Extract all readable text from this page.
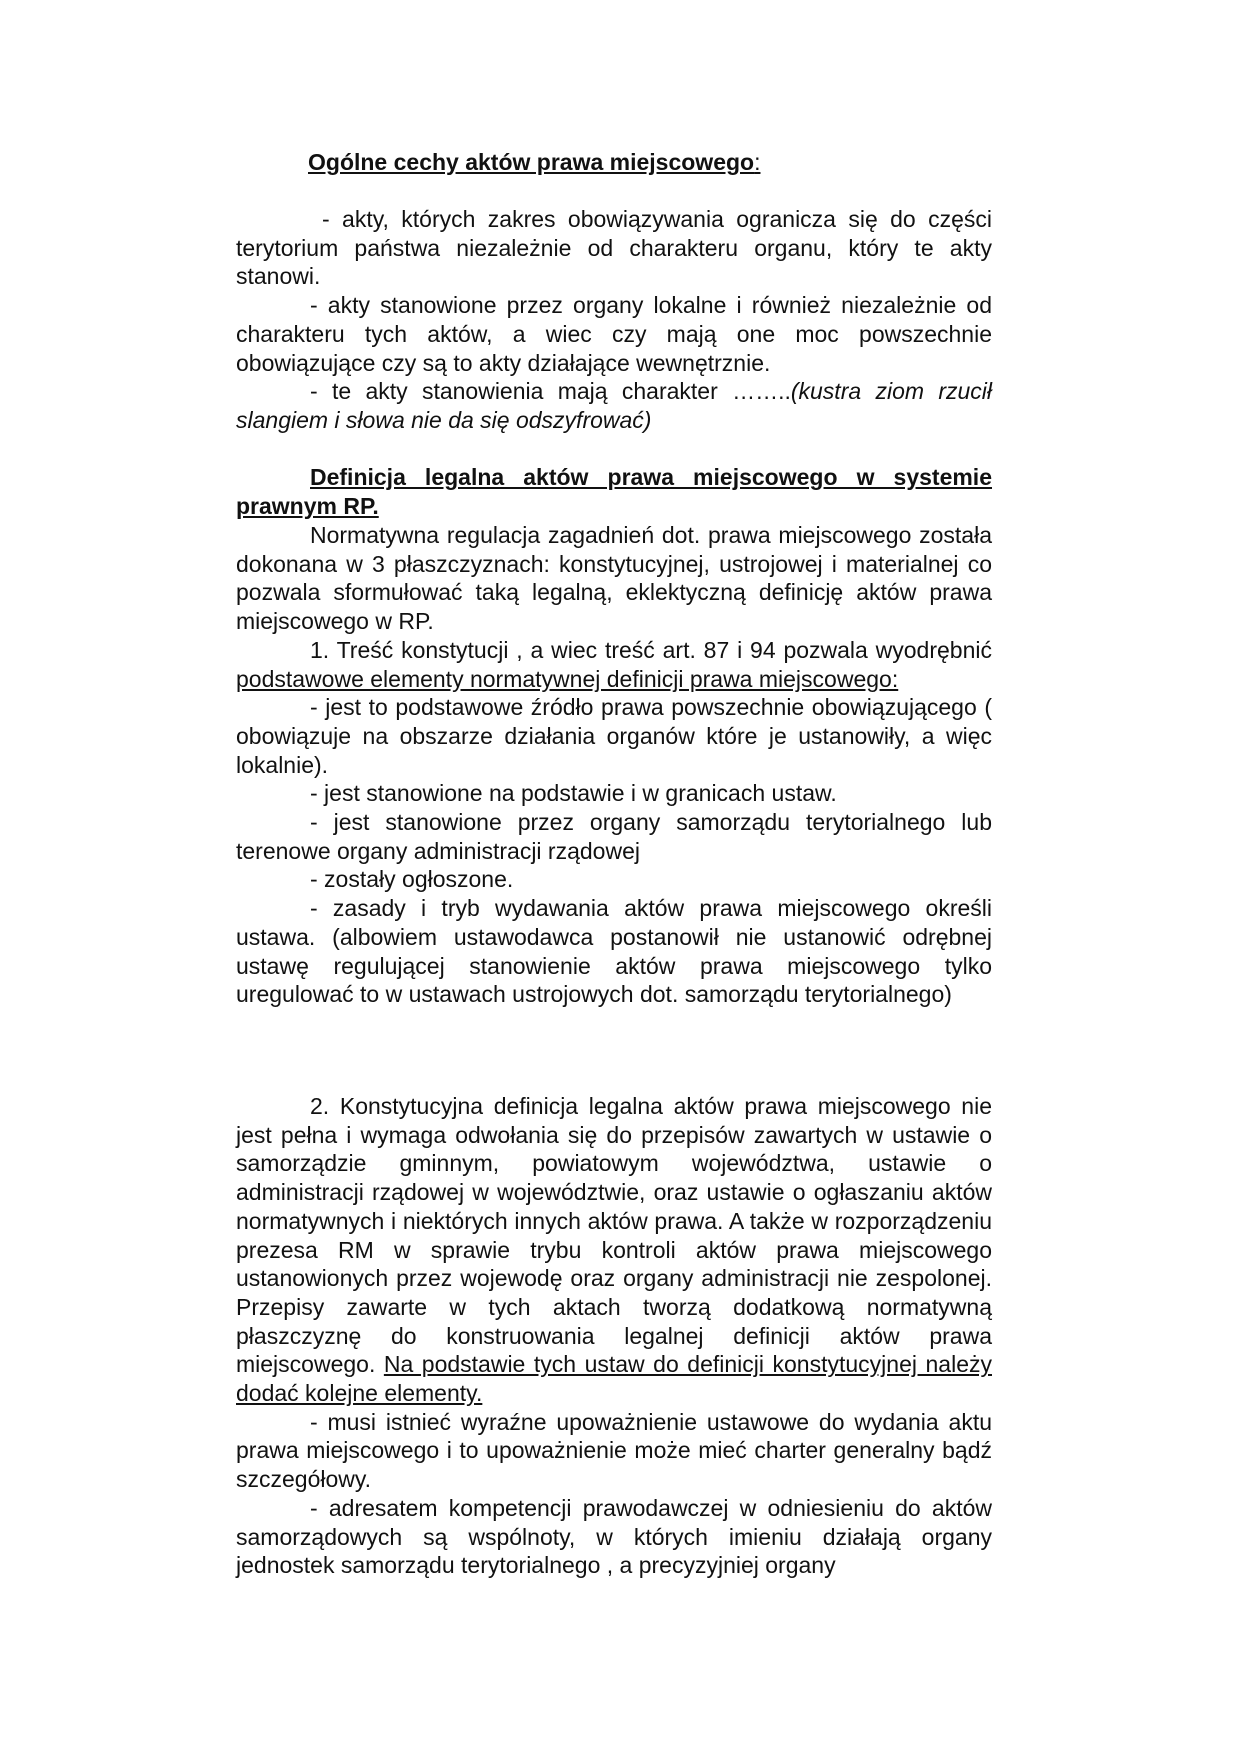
Ogólne cechy aktów prawa miejscowego:

- akty, których zakres obowiązywania ogranicza się do części terytorium państwa niezależnie od charakteru organu, który te akty stanowi.

- akty stanowione przez organy lokalne i również niezależnie od charakteru tych aktów, a wiec czy mają one moc powszechnie obowiązujące czy są to akty działające wewnętrznie.

- te akty stanowienia mają charakter ……..(kustra ziom rzucił slangiem i słowa nie da się odszyfrować)

Definicja legalna aktów prawa miejscowego w systemie
prawnym RP.

Normatywna regulacja zagadnień dot. prawa miejscowego została dokonana w 3 płaszczyznach: konstytucyjnej, ustrojowej i materialnej co pozwala sformułować taką legalną, eklektyczną definicję aktów prawa miejscowego w RP.

1. Treść konstytucji , a wiec treść art. 87 i 94 pozwala wyodrębnić podstawowe elementy normatywnej definicji prawa miejscowego:

- jest to podstawowe źródło prawa powszechnie obowiązującego ( obowiązuje na obszarze działania organów które je ustanowiły, a więc lokalnie).

- jest stanowione na podstawie i w granicach ustaw.

- jest stanowione przez organy samorządu terytorialnego lub terenowe organy administracji rządowej

- zostały ogłoszone.

- zasady i tryb wydawania aktów prawa miejscowego określi ustawa. (albowiem ustawodawca postanowił nie ustanowić odrębnej ustawę regulującej stanowienie aktów prawa miejscowego tylko uregulować to w ustawach ustrojowych dot. samorządu terytorialnego)

2. Konstytucyjna definicja legalna aktów prawa miejscowego nie jest pełna i wymaga odwołania się do przepisów zawartych w ustawie o samorządzie gminnym, powiatowym województwa, ustawie o administracji rządowej w województwie, oraz ustawie o ogłaszaniu aktów normatywnych i niektórych innych aktów prawa. A także w rozporządzeniu prezesa RM w sprawie trybu kontroli aktów prawa miejscowego ustanowionych przez wojewodę oraz organy administracji nie zespolonej. Przepisy zawarte w tych aktach tworzą dodatkową normatywną płaszczyznę do konstruowania legalnej definicji aktów prawa miejscowego. Na podstawie tych ustaw do definicji konstytucyjnej należy dodać kolejne elementy.

- musi istnieć wyraźne upoważnienie ustawowe do wydania aktu prawa miejscowego i to upoważnienie może mieć charter generalny bądź szczegółowy.

- adresatem kompetencji prawodawczej w odniesieniu do aktów samorządowych są wspólnoty, w których imieniu działają organy jednostek samorządu terytorialnego , a precyzyjniej organy
